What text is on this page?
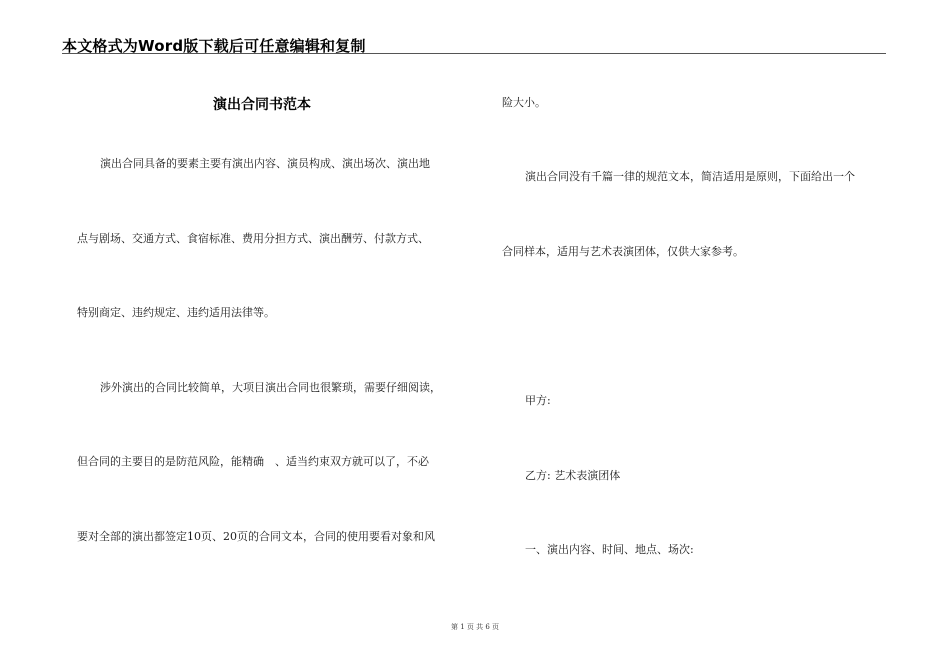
本文格式为Word版下载后可任意编辑和复制
演出合同书范本
演出合同具备的要素主要有演出内容、演员构成、演出场次、演出地
点与剧场、交通方式、食宿标准、费用分担方式、演出酬劳、付款方式、
特别商定、违约规定、违约适用法律等。
涉外演出的合同比较简单，大项目演出合同也很繁琐，需要仔细阅读，
但合同的主要目的是防范风险，能精确　、适当约束双方就可以了，不必
要对全部的演出都签定10页、20页的合同文本，合同的使用要看对象和风
险大小。
演出合同没有千篇一律的规范文本，简洁适用是原则，下面给出一个
合同样本，适用与艺术表演团体，仅供大家参考。
甲方:
乙方: 艺术表演团体
一、演出内容、时间、地点、场次:
第 1 页 共 6 页
